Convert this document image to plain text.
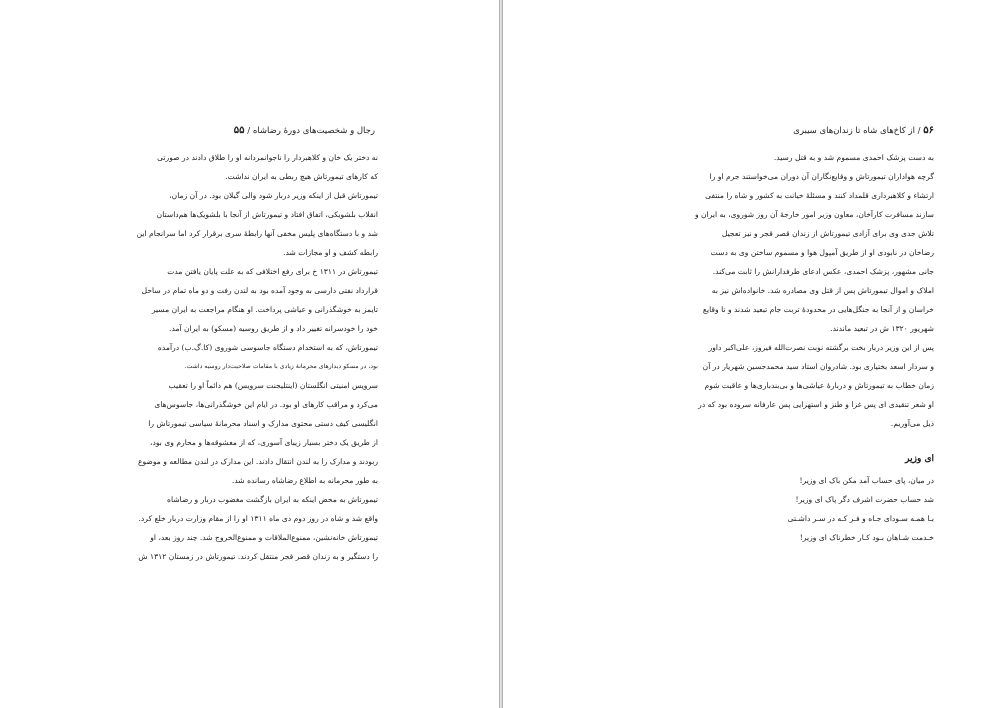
رجال و شخصیت‌های دورۀ رضاشاه / ۵۵
نه دختر یک خان و کلاهبردار را ناجوانمردانه او را طلاق دادند در صورتی
که کارهای تیمورتاش هیچ ربطی به ایران نداشت.
تیمورتاش قبل از اینکه وزیر دربار شود والی گیلان بود. در آن زمان،
انقلاب بلشویکی، اتفاق افتاد و تیمورتاش از آنجا با بلشویک‌ها هم‌داستان
شد و با دستگاه‌های پلیس مخفی آنها رابطۀ سری برقرار کرد اما سرانجام این
رابطه کشف و او مجازات شد.
تیمورتاش در ۱۳۱۱ خ برای رفع اختلافی که به علت پایان یافتن مدت
قرارداد نفتی دارسی به وجود آمده بود به لندن رفت و دو ماه تمام در ساحل
تایمز به خوشگذرانی و عیاشی پرداخت. او هنگام مراجعت به ایران مسیر
خود را خودسرانه تغییر داد و از طریق روسیه (مسکو) به ایران آمد.
تیمورتاش، که به استخدام دستگاه جاسوسی شوروی (کا.گ.ب) درآمده
بود، در مسکو دیدارهای محرمانۀ زیادی با مقامات صلاحیت‌دار روسیه داشت.
سرویس امنیتی انگلستان (اینتلیجنت سرویس) هم دائماً او را تعقیب
می‌کرد و مراقب کارهای او بود. در ایام این خوشگذرانی‌ها، جاسوس‌های
انگلیسی کیف دستی محتوی مدارک و اسناد محرمانۀ سیاسی تیمورتاش را
از طریق یک دختر بسیار زیبای آسوری، که از معشوقه‌ها و محارم وی بود،
ربودند و مدارک را به لندن انتقال دادند. این مدارک در لندن مطالعه و موضوع
به طور محرمانه به اطلاع رضاشاه رسانده شد.
تیمورتاش به محض اینکه به ایران بازگشت مغضوب دربار و رضاشاه
واقع شد و شاه در روز دوم دی ماه ۱۳۱۱ او را از مقام وزارت دربار خلع کرد.
تیمورتاش خانه‌نشین، ممنوع‌الملاقات و ممنوع‌الخروج شد. چند روز بعد، او
را دستگیر و به زندان قصر قجر منتقل کردند. تیمورتاش در زمستان ۱۳۱۲ ش
۵۶ / از کاخ‌های شاه تا زندان‌های سیبری
به دست پزشک احمدی مسموم شد و به قتل رسید.
گرچه هواداران تیمورتاش و وقایع‌نگاران آن دوران می‌خواستند جرم او را
ارتشاء و کلاهبرداری قلمداد کنند و مسئلۀ خیانت به کشور و شاه را منتفی
سازند مسافرت کارآخان، معاون وزیر امور خارجۀ آن روز شوروی، به ایران و
تلاش جدی وی برای آزادی تیمورتاش از زندان قصر قجر و نیز تعجیل
رضاخان در نابودی او از طریق آمپول هوا و مسموم ساختن وی به دست
جانی مشهور، پزشک احمدی، عکس ادعای طرفدارانش را ثابت می‌کند.
املاک و اموال تیمورتاش پس از قتل وی مصادره شد. خانواده‌اش نیز به
خراسان و از آنجا به جنگل‌هایی در محدودۀ تربت جام تبعید شدند و تا وقایع
شهریور ۱۳۲۰ ش در تبعید ماندند.
پس از این وزیر دربار بخت برگشته نوبت نصرت‌الله فیروز، علی‌اکبر داور
و سردار اسعد بختیاری بود. شادروان استاد سید محمدحسین شهریار در آن
زمان خطاب به تیمورتاش و دربارۀ عیاشی‌ها و بی‌بندباری‌ها و عاقبت شوم
او شعر تنقیدی ای پس غزا و طنز و استهزایی پس عارفانه سروده بود که در
ذیل می‌آوریم.
ای وزیر
در میان، پای حساب آمد مکن باک ای وزیر!
شد حساب حضرت اشرف دگر پاک ای وزیر!
بـا همـه سـودای جـاه و فـر کـه در سـر داشـتی
خـدمت شـاهان بـود کـار خطرناک ای وزیر!
